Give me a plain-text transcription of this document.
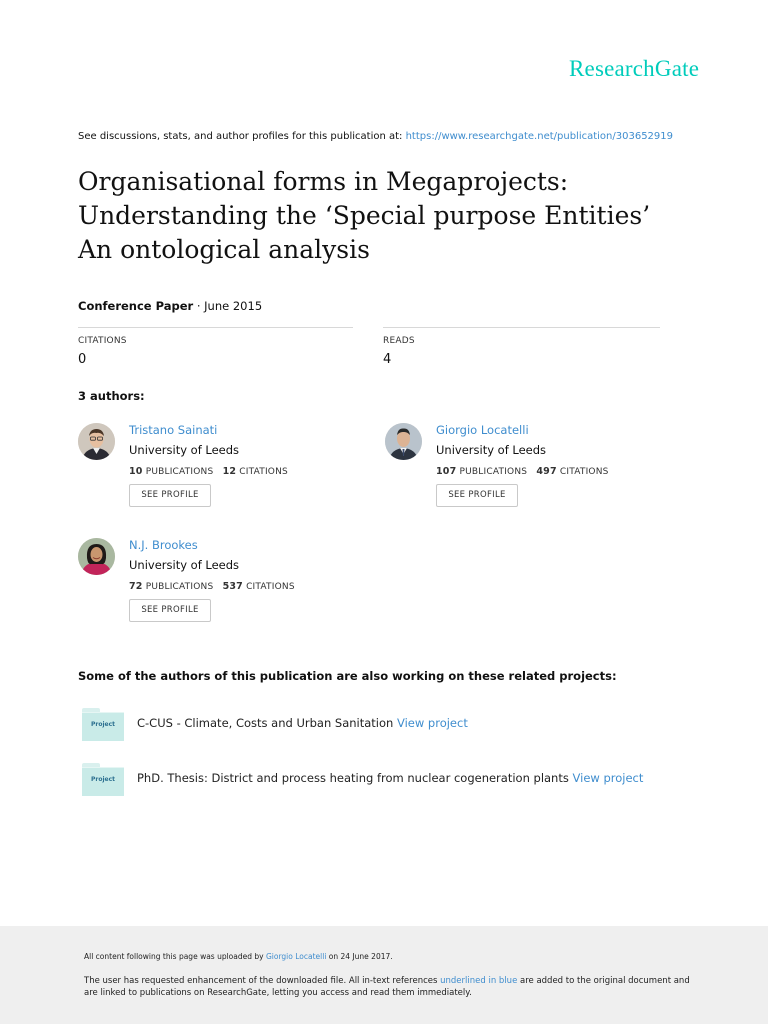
ResearchGate
See discussions, stats, and author profiles for this publication at: https://www.researchgate.net/publication/303652919
Organisational forms in Megaprojects:
Understanding the ‘Special purpose Entities’
An ontological analysis
Conference Paper · June 2015
CITATIONS
0
READS
4
3 authors:
Tristano Sainati
University of Leeds
10 PUBLICATIONS 12 CITATIONS
SEE PROFILE
Giorgio Locatelli
University of Leeds
107 PUBLICATIONS 497 CITATIONS
SEE PROFILE
N.J. Brookes
University of Leeds
72 PUBLICATIONS 537 CITATIONS
SEE PROFILE
Some of the authors of this publication are also working on these related projects:
Project	C-CUS - Climate, Costs and Urban Sanitation View project
Project	PhD. Thesis: District and process heating from nuclear cogeneration plants View project
All content following this page was uploaded by Giorgio Locatelli on 24 June 2017.
The user has requested enhancement of the downloaded file. All in-text references underlined in blue are added to the original document and are linked to publications on ResearchGate, letting you access and read them immediately.
